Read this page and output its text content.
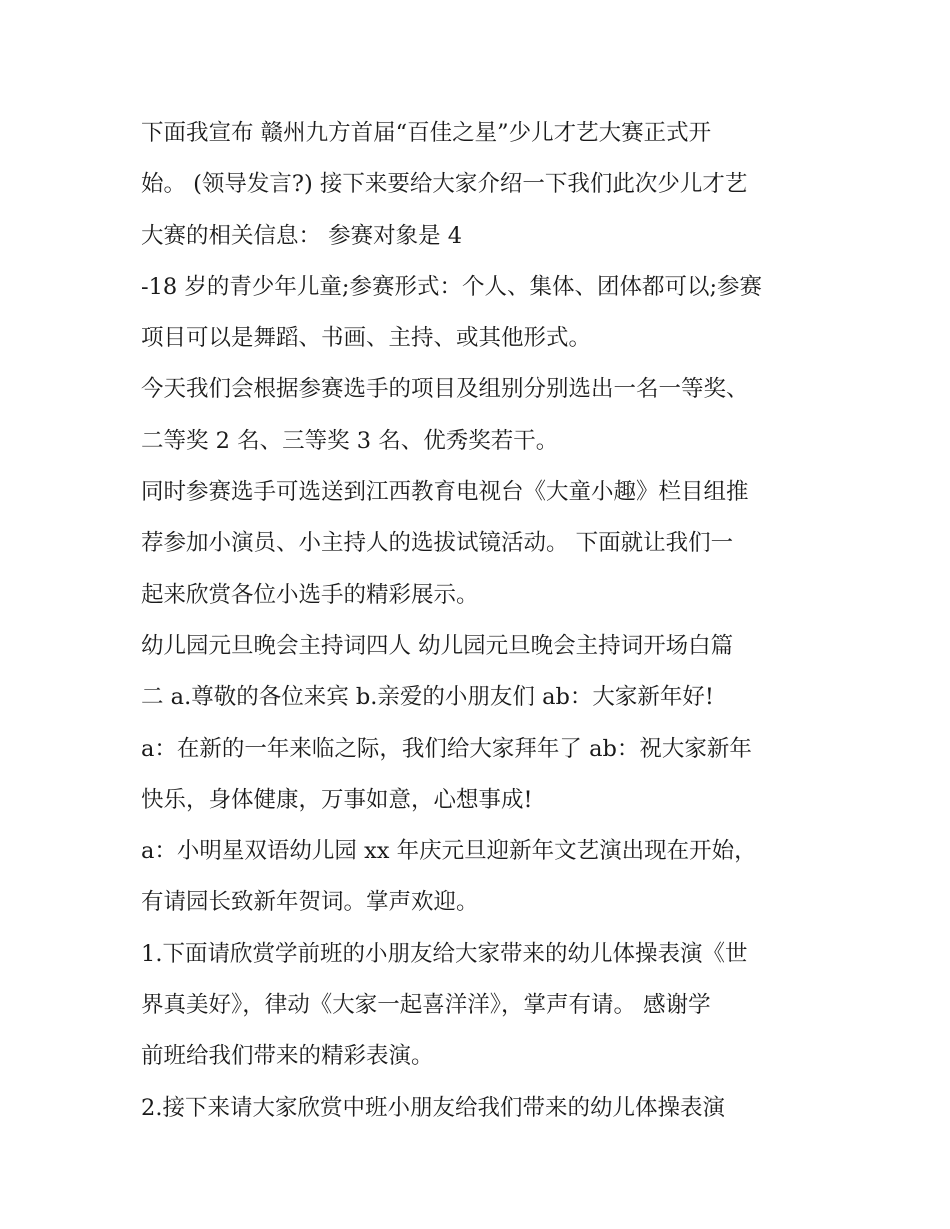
下面我宣布 赣州九方首届“百佳之星”少儿才艺大赛正式开
始。 (领导发言?) 接下来要给大家介绍一下我们此次少儿才艺
大赛的相关信息： 参赛对象是 4
-18 岁的青少年儿童;参赛形式：个人、集体、团体都可以;参赛
项目可以是舞蹈、书画、主持、或其他形式。
今天我们会根据参赛选手的项目及组别分别选出一名一等奖、
二等奖 2 名、三等奖 3 名、优秀奖若干。
同时参赛选手可选送到江西教育电视台《大童小趣》栏目组推
荐参加小演员、小主持人的选拔试镜活动。 下面就让我们一
起来欣赏各位小选手的精彩展示。
幼儿园元旦晚会主持词四人 幼儿园元旦晚会主持词开场白篇
二 a.尊敬的各位来宾 b.亲爱的小朋友们 ab：大家新年好!
a：在新的一年来临之际，我们给大家拜年了 ab：祝大家新年
快乐，身体健康，万事如意，心想事成!
a：小明星双语幼儿园 xx 年庆元旦迎新年文艺演出现在开始，
有请园长致新年贺词。掌声欢迎。
1.下面请欣赏学前班的小朋友给大家带来的幼儿体操表演《世
界真美好》，律动《大家一起喜洋洋》，掌声有请。 感谢学
前班给我们带来的精彩表演。
2.接下来请大家欣赏中班小朋友给我们带来的幼儿体操表演
